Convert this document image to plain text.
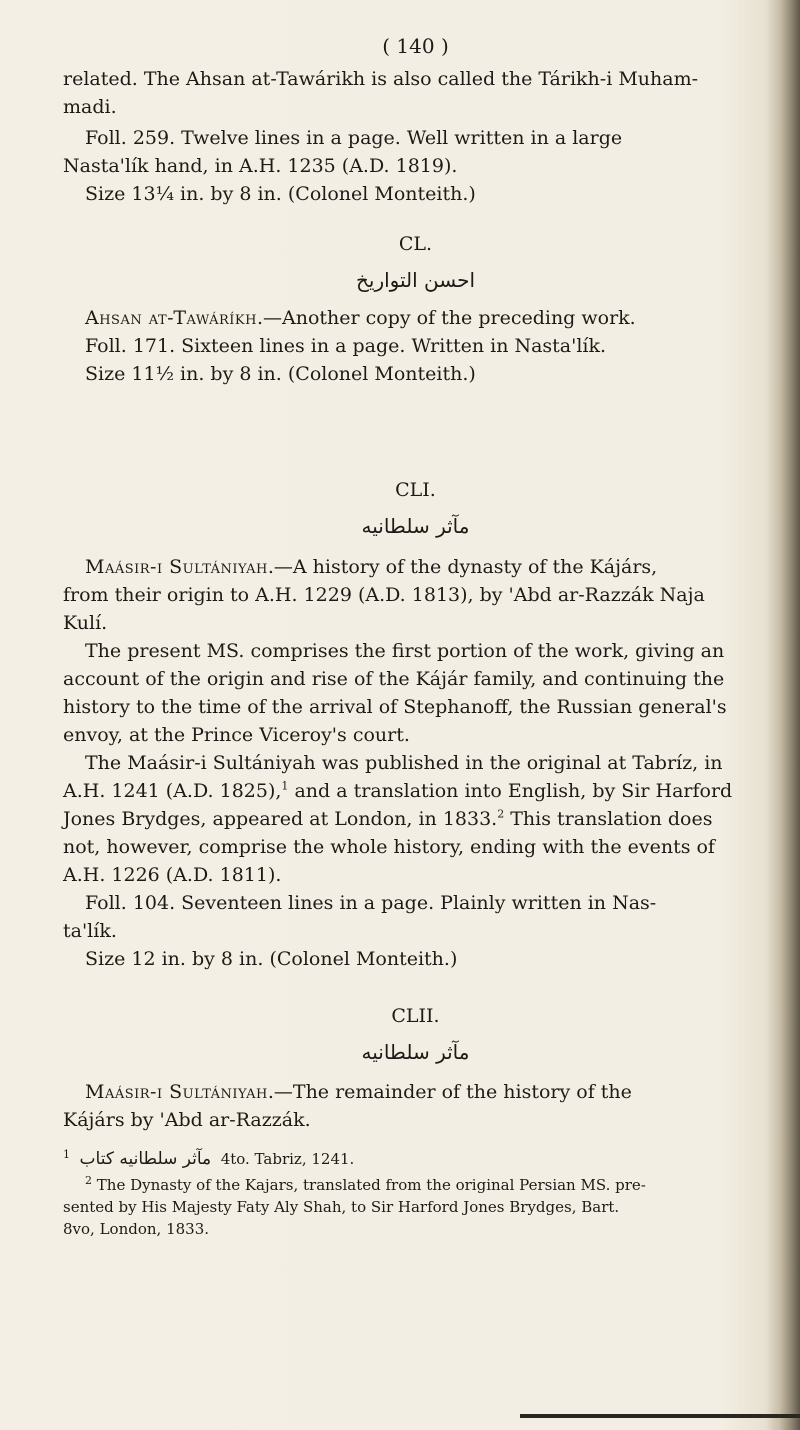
( 140 )

related. The Ahsan at-Tawárikh is also called the Tárikh-i Muham-

madi.

Foll. 259. Twelve lines in a page. Well written in a large

Nasta'lík hand, in A.H. 1235 (A.D. 1819).

Size 13¼ in. by 8 in. (Colonel Monteith.)

CL.
احسن التواريخ

Ahsan at-Tawáríkh.—Another copy of the preceding work.

Foll. 171. Sixteen lines in a page. Written in Nasta'lík.

Size 11½ in. by 8 in. (Colonel Monteith.)

CLI.
مآثر سلطانيه

Maásir-i Sultániyah.—A history of the dynasty of the Kájárs,

from their origin to A.H. 1229 (A.D. 1813), by 'Abd ar-Razzák Naja

Kulí.

The present MS. comprises the first portion of the work, giving an

account of the origin and rise of the Kájár family, and continuing the

history to the time of the arrival of Stephanoff, the Russian general's

envoy, at the Prince Viceroy's court.

The Maásir-i Sultániyah was published in the original at Tabríz, in

A.H. 1241 (A.D. 1825),$^1$ and a translation into English, by Sir Harford

Jones Brydges, appeared at London, in 1833.$^2$ This translation does

not, however, comprise the whole history, ending with the events of

A.H. 1226 (A.D. 1811).

Foll. 104. Seventeen lines in a page. Plainly written in Nas-

ta'lík.

Size 12 in. by 8 in. (Colonel Monteith.)

CLII.
مآثر سلطانيه

Maásir-i Sultániyah.—The remainder of the history of the

Kájárs by 'Abd ar-Razzák.

$^1$ مآثر سلطانيه كتاب 4to. Tabriz, 1241.

$^2$ The Dynasty of the Kajars, translated from the original Persian MS. pre-

sented by His Majesty Faty Aly Shah, to Sir Harford Jones Brydges, Bart.

8vo, London, 1833.
